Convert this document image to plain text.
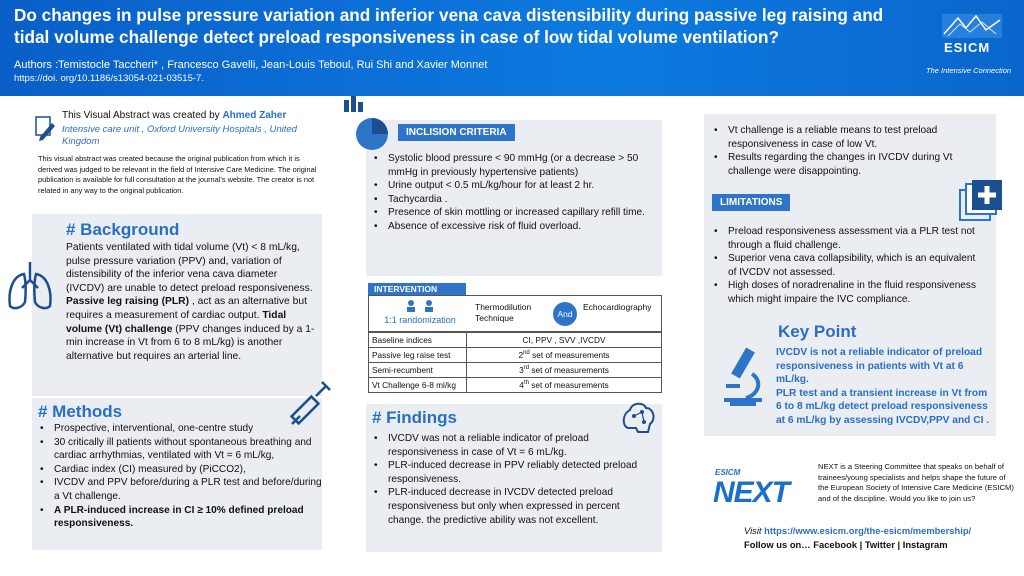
Do changes in pulse pressure variation and inferior vena cava distensibility during passive leg raising and tidal volume challenge detect preload responsiveness in case of low tidal volume ventilation?
Authors :Temistocle Taccheri* , Francesco Gavelli, Jean-Louis Teboul, Rui Shi and Xavier Monnet
https://doi. org/10.1186/s13054-021-03515-7.
ESICM
The Intensive Connection
This Visual Abstract was created by Ahmed Zaher
Intensive care unit , Oxford University Hospitals , United Kingdom
This visual abstract was created because the original publication from which it is derived was judged to be relevant in the field of Intensive Care Medicine. The original publication is available for full consultation at the journal's website. The creator is not related in any way to the original publication.
# Background
Patients ventilated with tidal volume (Vt) < 8 mL/kg, pulse pressure variation (PPV) and, variation of distensibility of the inferior vena cava diameter (IVCDV) are unable to detect preload responsiveness.
Passive leg raising (PLR) , act as an alternative but requires a measurement of cardiac output. Tidal volume (Vt) challenge (PPV changes induced by a 1-min increase in Vt from 6 to 8 mL/kg) is another alternative but requires an arterial line.
# Methods
• Prospective, interventional, one-centre study
• 30 critically ill patients without spontaneous breathing and cardiac arrhythmias, ventilated with Vt = 6 mL/kg,
• Cardiac index (CI) measured by (PiCCO2),
• IVCDV and PPV before/during a PLR test and before/during a Vt challenge.
• A PLR-induced increase in CI ≥ 10% defined preload responsiveness.
INCLISION CRITERIA
• Systolic blood pressure < 90 mmHg (or a decrease > 50 mmHg in previously hypertensive patients)
• Urine output < 0.5 mL/kg/hour for at least 2 hr.
• Tachycardia .
• Presence of skin mottling or increased capillary refill time.
• Absence of excessive risk of fluid overload.

1:1 randomization
Thermodilution Technique	And
Echocardiography
INTERVENTION
Baseline indices	CI, PPV , SVV ,IVCDV
Passive leg raise test	2nd set of measurements
Semi-recumbent	3rd set of measurements
Vt Challenge 6-8 ml/kg	4th set of measurements
# Findings
• IVCDV was not a reliable indicator of preload responsiveness in case of Vt = 6 mL/kg.
• PLR-induced decrease in PPV reliably detected preload responsiveness.
• PLR-induced decrease in IVCDV detected preload responsiveness but only when expressed in percent change. the predictive ability was not excellent.
• Vt challenge is a reliable means to test preload responsiveness in case of low Vt.
• Results regarding the changes in IVCDV during Vt challenge were disappointing.
LIMITATIONS
• Preload responsiveness assessment via a PLR test not through a fluid challenge.
• Superior vena cava collapsibility, which is an equivalent of IVCDV not assessed.
• High doses of noradrenaline in the fluid responsiveness which might impaire the IVC compliance.
Key Point
IVCDV is not a reliable indicator of preload responsiveness in patients with Vt at 6 mL/kg.
PLR test and a transient increase in Vt from 6 to 8 mL/kg detect preload responsiveness at 6 mL/kg by assessing IVCDV,PPV and CI .
ESICM
NEXT
NEXT is a Steering Committee that speaks on behalf of trainees/young specialists and helps shape the future of the European Society of Intensive Care Medicine (ESICM) and of the discipline. Would you like to join us?
Visit https://www.esicm.org/the-esicm/membership/
Follow us on… Facebook | Twitter | Instagram
